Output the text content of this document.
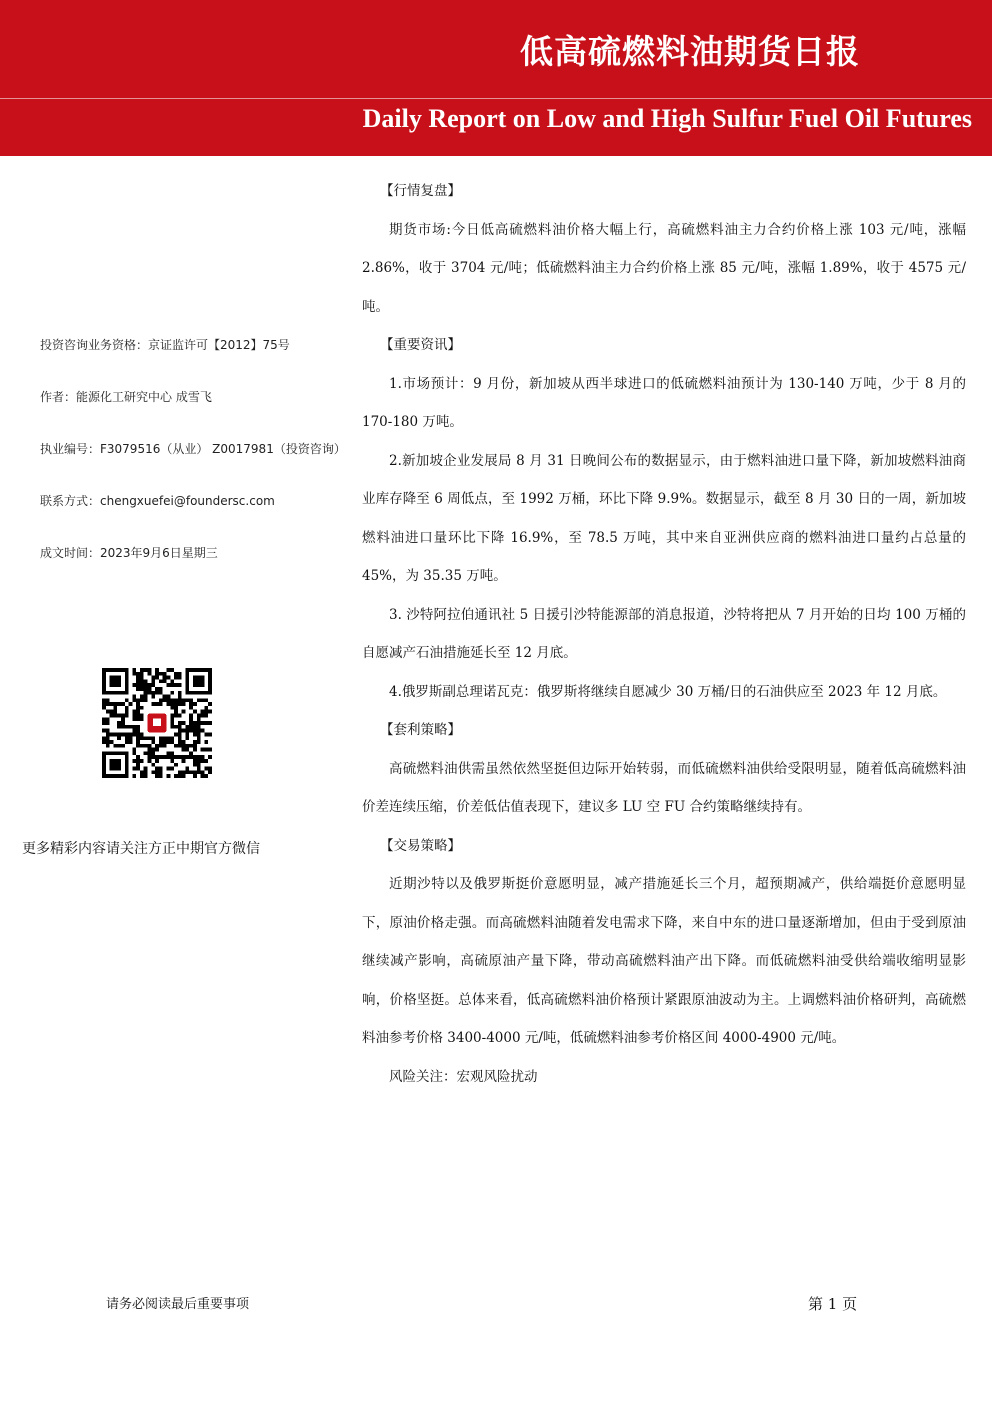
低高硫燃料油期货日报
Daily Report on Low and High Sulfur Fuel Oil Futures
投资咨询业务资格：京证监许可【2012】75号
作者：能源化工研究中心 成雪飞
执业编号：F3079516（从业） Z0017981（投资咨询）
联系方式：chengxuefei@foundersc.com
成文时间：2023年9月6日星期三
更多精彩内容请关注方正中期官方微信
【行情复盘】

期货市场:今日低高硫燃料油价格大幅上行，高硫燃料油主力合约价格上涨 103 元/吨，涨幅 2.86%，收于 3704 元/吨；低硫燃料油主力合约价格上涨 85 元/吨，涨幅 1.89%，收于 4575 元/吨。

【重要资讯】

1.市场预计：9 月份，新加坡从西半球进口的低硫燃料油预计为 130-140 万吨，少于 8 月的 170-180 万吨。

2.新加坡企业发展局 8 月 31 日晚间公布的数据显示，由于燃料油进口量下降，新加坡燃料油商业库存降至 6 周低点，至 1992 万桶，环比下降 9.9%。数据显示，截至 8 月 30 日的一周，新加坡燃料油进口量环比下降 16.9%，至 78.5 万吨，其中来自亚洲供应商的燃料油进口量约占总量的 45%，为 35.35 万吨。

3. 沙特阿拉伯通讯社 5 日援引沙特能源部的消息报道，沙特将把从 7 月开始的日均 100 万桶的自愿减产石油措施延长至 12 月底。

4.俄罗斯副总理诺瓦克：俄罗斯将继续自愿减少 30 万桶/日的石油供应至 2023 年 12 月底。

【套利策略】

高硫燃料油供需虽然依然坚挺但边际开始转弱，而低硫燃料油供给受限明显，随着低高硫燃料油价差连续压缩，价差低估值表现下，建议多 LU 空 FU 合约策略继续持有。

【交易策略】

近期沙特以及俄罗斯挺价意愿明显，减产措施延长三个月，超预期减产，供给端挺价意愿明显下，原油价格走强。而高硫燃料油随着发电需求下降，来自中东的进口量逐渐增加，但由于受到原油继续减产影响，高硫原油产量下降，带动高硫燃料油产出下降。而低硫燃料油受供给端收缩明显影响，价格坚挺。总体来看，低高硫燃料油价格预计紧跟原油波动为主。上调燃料油价格研判，高硫燃料油参考价格 3400-4000 元/吨，低硫燃料油参考价格区间 4000-4900 元/吨。

风险关注：宏观风险扰动

请务必阅读最后重要事项	第 1 页
